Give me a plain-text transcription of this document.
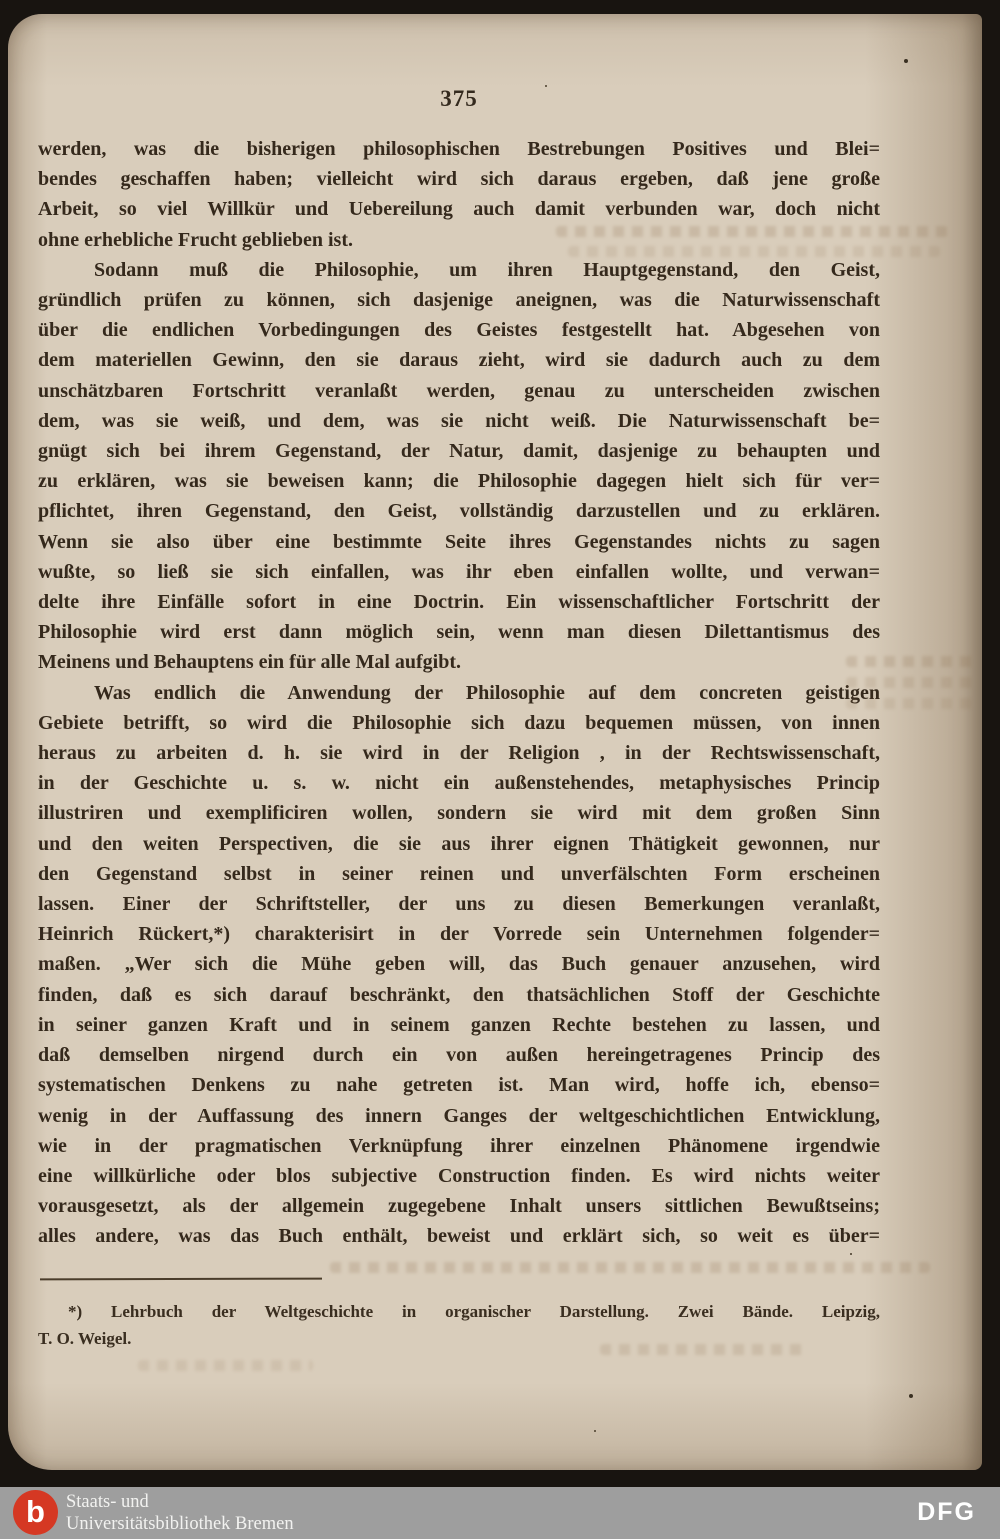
375
werden, was die bisherigen philosophischen Bestrebungen Positives und Blei=
bendes geschaffen haben; vielleicht wird sich daraus ergeben, daß jene große
Arbeit, so viel Willkür und Uebereilung auch damit verbunden war, doch nicht
ohne erhebliche Frucht geblieben ist.
Sodann muß die Philosophie, um ihren Hauptgegenstand, den Geist,
gründlich prüfen zu können, sich dasjenige aneignen, was die Naturwissenschaft
über die endlichen Vorbedingungen des Geistes festgestellt hat. Abgesehen von
dem materiellen Gewinn, den sie daraus zieht, wird sie dadurch auch zu dem
unschätzbaren Fortschritt veranlaßt werden, genau zu unterscheiden zwischen
dem, was sie weiß, und dem, was sie nicht weiß. Die Naturwissenschaft be=
gnügt sich bei ihrem Gegenstand, der Natur, damit, dasjenige zu behaupten und
zu erklären, was sie beweisen kann; die Philosophie dagegen hielt sich für ver=
pflichtet, ihren Gegenstand, den Geist, vollständig darzustellen und zu erklären.
Wenn sie also über eine bestimmte Seite ihres Gegenstandes nichts zu sagen
wußte, so ließ sie sich einfallen, was ihr eben einfallen wollte, und verwan=
delte ihre Einfälle sofort in eine Doctrin. Ein wissenschaftlicher Fortschritt der
Philosophie wird erst dann möglich sein, wenn man diesen Dilettantismus des
Meinens und Behauptens ein für alle Mal aufgibt.
Was endlich die Anwendung der Philosophie auf dem concreten geistigen
Gebiete betrifft, so wird die Philosophie sich dazu bequemen müssen, von innen
heraus zu arbeiten d. h. sie wird in der Religion , in der Rechtswissenschaft,
in der Geschichte u. s. w. nicht ein außenstehendes, metaphysisches Princip
illustriren und exemplificiren wollen, sondern sie wird mit dem großen Sinn
und den weiten Perspectiven, die sie aus ihrer eignen Thätigkeit gewonnen, nur
den Gegenstand selbst in seiner reinen und unverfälschten Form erscheinen
lassen. Einer der Schriftsteller, der uns zu diesen Bemerkungen veranlaßt,
Heinrich Rückert,*) charakterisirt in der Vorrede sein Unternehmen folgender=
maßen. „Wer sich die Mühe geben will, das Buch genauer anzusehen, wird
finden, daß es sich darauf beschränkt, den thatsächlichen Stoff der Geschichte
in seiner ganzen Kraft und in seinem ganzen Rechte bestehen zu lassen, und
daß demselben nirgend durch ein von außen hereingetragenes Princip des
systematischen Denkens zu nahe getreten ist. Man wird, hoffe ich, ebenso=
wenig in der Auffassung des innern Ganges der weltgeschichtlichen Entwicklung,
wie in der pragmatischen Verknüpfung ihrer einzelnen Phänomene irgendwie
eine willkürliche oder blos subjective Construction finden. Es wird nichts weiter
vorausgesetzt, als der allgemein zugegebene Inhalt unsers sittlichen Bewußtseins;
alles andere, was das Buch enthält, beweist und erklärt sich, so weit es über=
*) Lehrbuch der Weltgeschichte in organischer Darstellung. Zwei Bände. Leipzig,
T. O. Weigel.
b Staats- und
Universitätsbibliothek Bremen	DFG
